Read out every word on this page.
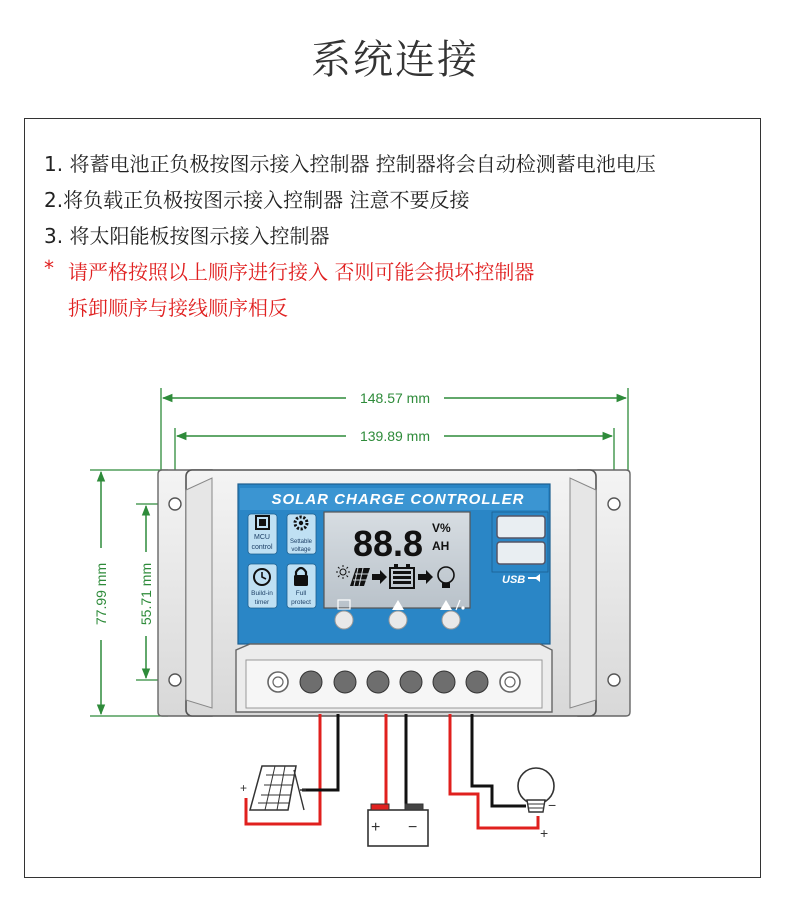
系统连接
1. 将蓄电池正负极按图示接入控制器 控制器将会自动检测蓄电池电压
2.将负载正负极按图示接入控制器 注意不要反接
3. 将太阳能板按图示接入控制器
* 请严格按照以上顺序进行接入 否则可能会损坏控制器
拆卸顺序与接线顺序相反
148.57 mm
139.89 mm
77.99 mm 55.71 mm
SOLAR CHARGE CONTROLLER
MCU
control
Settable
voltage
Build-in
timer
Full
protect
88.8 V%
AH
USB
+
+ −
−
+
